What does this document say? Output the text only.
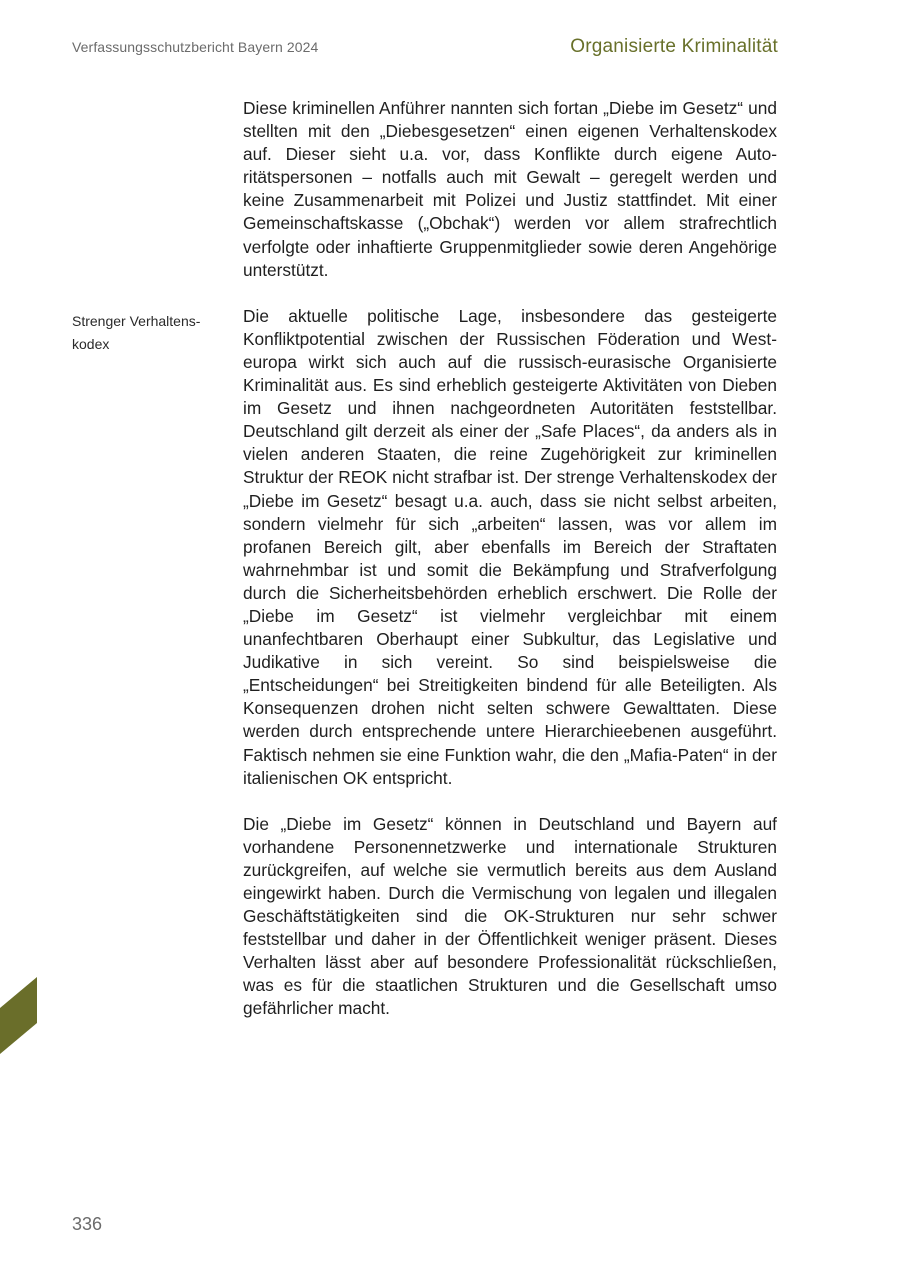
Verfassungsschutzbericht Bayern 2024	Organisierte Kriminalität
Strenger Verhaltens-
kodex

Diese kriminellen Anführer nannten sich fortan „Diebe im Gesetz“ und stellten mit den „Diebesgesetzen“ einen eigenen Verhaltenskodex auf. Dieser sieht u.a. vor, dass Konflikte durch eigene Autoritätspersonen – notfalls auch mit Gewalt – geregelt werden und keine Zusammenarbeit mit Polizei und Justiz stattfindet. Mit einer Gemeinschaftskasse („Obchak“) werden vor allem strafrechtlich verfolgte oder inhaftierte Gruppenmitglieder sowie deren Angehörige unterstützt.

Die aktuelle politische Lage, insbesondere das gesteigerte Konfliktpotential zwischen der Russischen Föderation und Westeuropa wirkt sich auch auf die russisch-eurasische Organisierte Kriminalität aus. Es sind erheblich gesteigerte Aktivitäten von Dieben im Gesetz und ihnen nachgeordneten Autoritäten feststellbar. Deutschland gilt derzeit als einer der „Safe Places“, da anders als in vielen anderen Staaten, die reine Zugehörigkeit zur kriminellen Struktur der REOK nicht strafbar ist. Der strenge Verhaltenskodex der „Diebe im Gesetz“ besagt u.a. auch, dass sie nicht selbst arbeiten, sondern vielmehr für sich „arbeiten“ lassen, was vor allem im profanen Bereich gilt, aber ebenfalls im Bereich der Straftaten wahrnehmbar ist und somit die Bekämpfung und Strafverfolgung durch die Sicherheitsbehörden erheblich erschwert. Die Rolle der „Diebe im Gesetz“ ist vielmehr vergleichbar mit einem unanfechtbaren Oberhaupt einer Subkultur, das Legislative und Judikative in sich vereint. So sind beispielsweise die „Entscheidungen“ bei Streitigkeiten bindend für alle Beteiligten. Als Konsequenzen drohen nicht selten schwere Gewalttaten. Diese werden durch entsprechende untere Hierarchieebenen ausgeführt. Faktisch nehmen sie eine Funktion wahr, die den „Mafia-Paten“ in der italienischen OK entspricht.

Die „Diebe im Gesetz“ können in Deutschland und Bayern auf vorhandene Personennetzwerke und internationale Strukturen zurückgreifen, auf welche sie vermutlich bereits aus dem Ausland eingewirkt haben. Durch die Vermischung von legalen und illegalen Geschäftstätigkeiten sind die OK-Strukturen nur sehr schwer feststellbar und daher in der Öffentlichkeit weniger präsent. Dieses Verhalten lässt aber auf besondere Professionalität rückschließen, was es für die staatlichen Strukturen und die Gesellschaft umso gefährlicher macht.

336
